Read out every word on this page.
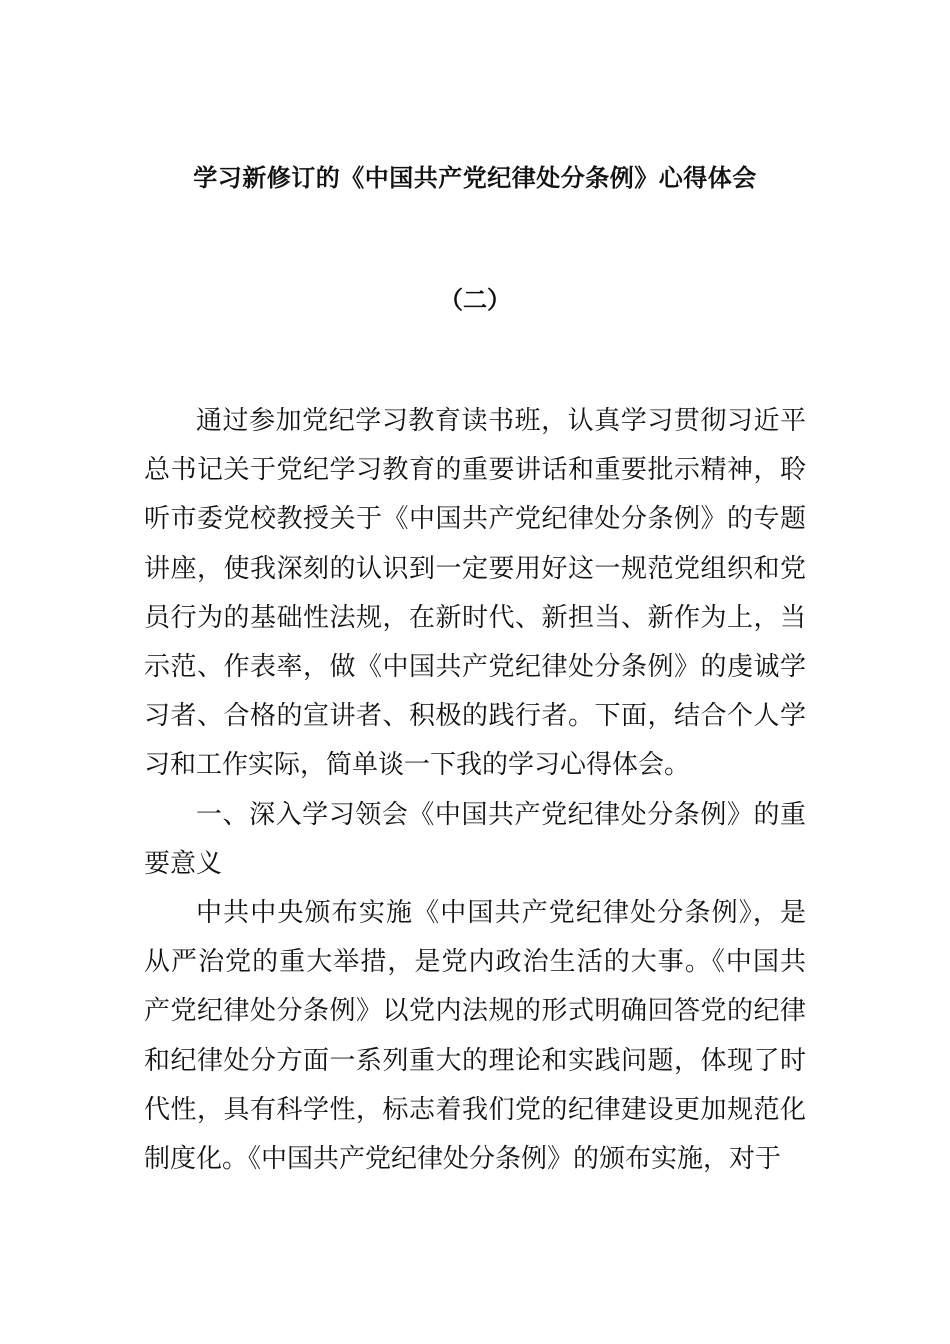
学习新修订的《中国共产党纪律处分条例》心得体会
（二）

通过参加党纪学习教育读书班，认真学习贯彻习近平总书记关于党纪学习教育的重要讲话和重要批示精神，聆听市委党校教授关于《中国共产党纪律处分条例》的专题讲座，使我深刻的认识到一定要用好这一规范党组织和党员行为的基础性法规，在新时代、新担当、新作为上，当示范、作表率，做《中国共产党纪律处分条例》的虔诚学习者、合格的宣讲者、积极的践行者。下面，结合个人学习和工作实际，简单谈一下我的学习心得体会。

一、深入学习领会《中国共产党纪律处分条例》的重要意义

中共中央颁布实施《中国共产党纪律处分条例》，是从严治党的重大举措，是党内政治生活的大事。《中国共产党纪律处分条例》以党内法规的形式明确回答党的纪律和纪律处分方面一系列重大的理论和实践问题，体现了时代性，具有科学性，标志着我们党的纪律建设更加规范化制度化。《中国共产党纪律处分条例》的颁布实施，对于
